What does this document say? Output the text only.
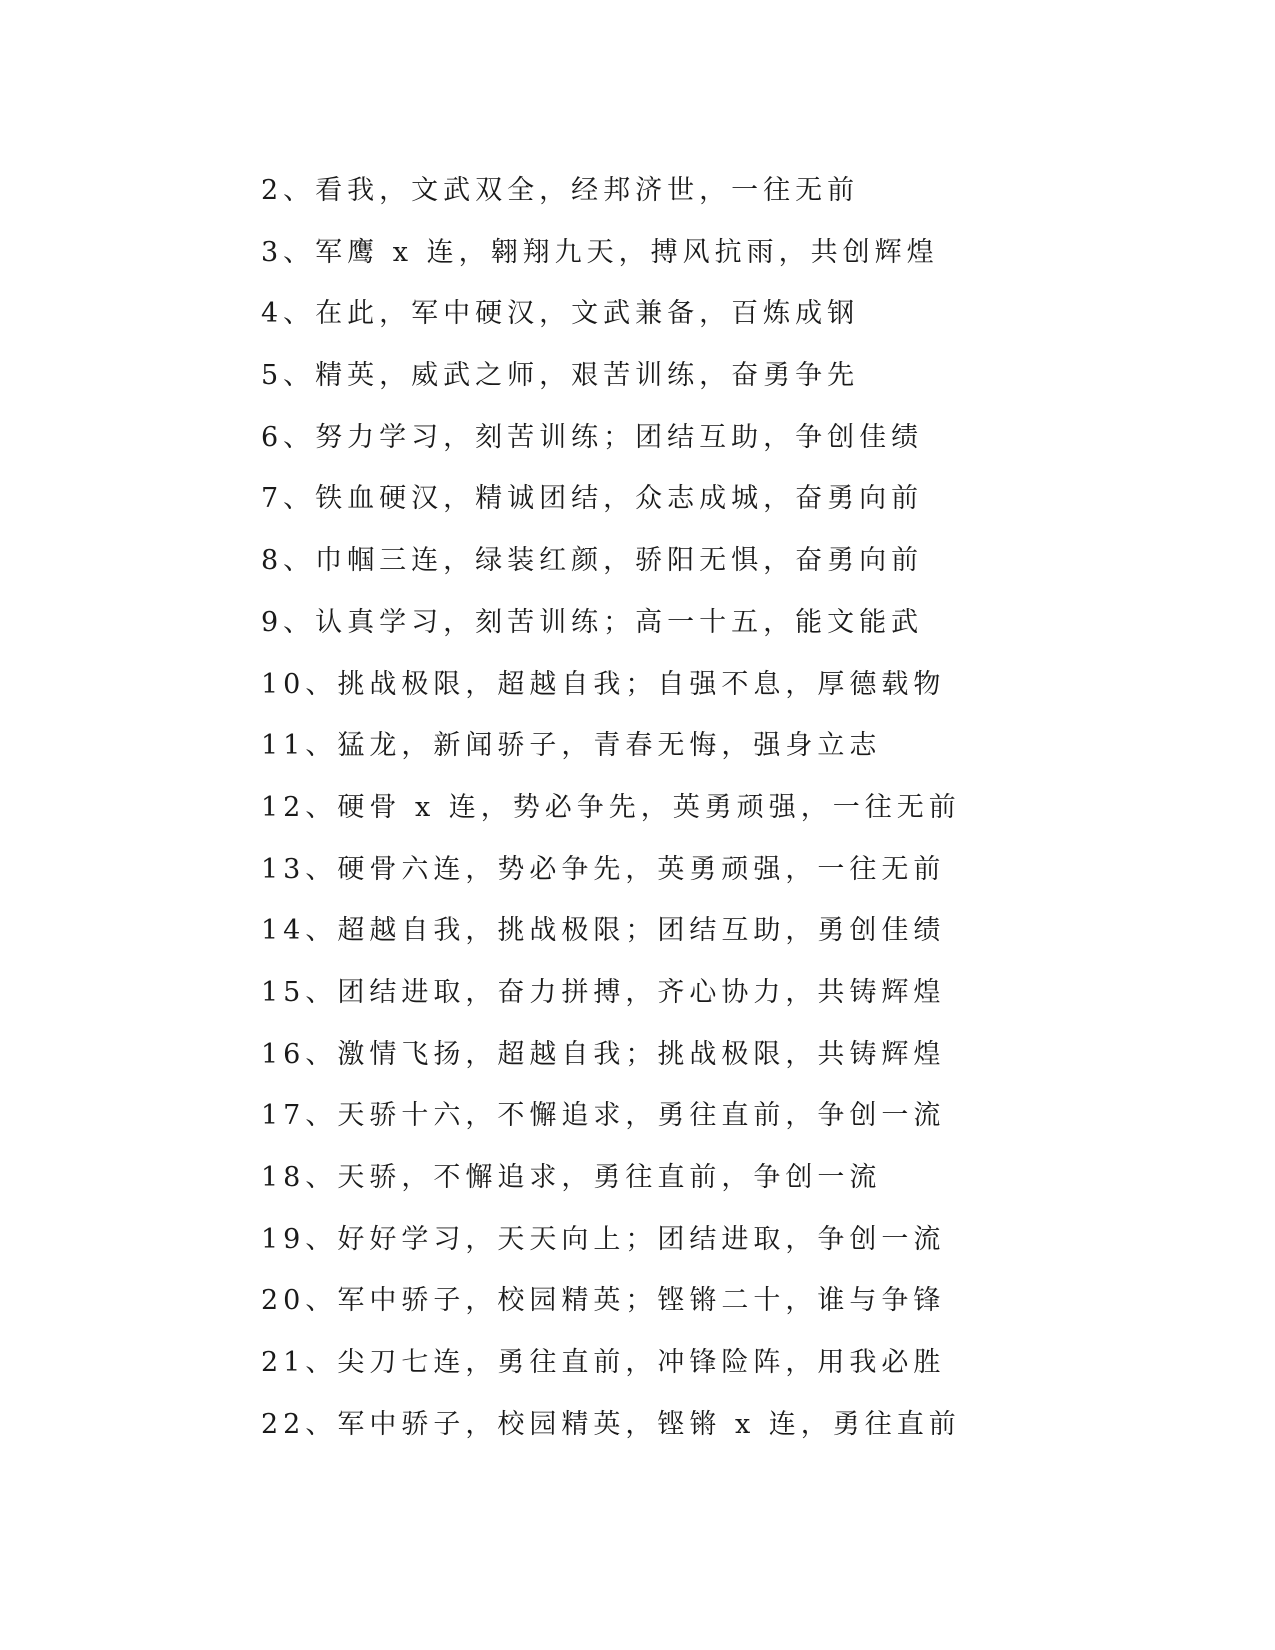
2、看我，文武双全，经邦济世，一往无前
3、军鹰 x 连，翱翔九天，搏风抗雨，共创辉煌
4、在此，军中硬汉，文武兼备，百炼成钢
5、精英，威武之师，艰苦训练，奋勇争先
6、努力学习，刻苦训练；团结互助，争创佳绩
7、铁血硬汉，精诚团结，众志成城，奋勇向前
8、巾帼三连，绿装红颜，骄阳无惧，奋勇向前
9、认真学习，刻苦训练；高一十五，能文能武
10、挑战极限，超越自我；自强不息，厚德载物
11、猛龙，新闻骄子，青春无悔，强身立志
12、硬骨 x 连，势必争先，英勇顽强，一往无前
13、硬骨六连，势必争先，英勇顽强，一往无前
14、超越自我，挑战极限；团结互助，勇创佳绩
15、团结进取，奋力拼搏，齐心协力，共铸辉煌
16、激情飞扬，超越自我；挑战极限，共铸辉煌
17、天骄十六，不懈追求，勇往直前，争创一流
18、天骄，不懈追求，勇往直前，争创一流
19、好好学习，天天向上；团结进取，争创一流
20、军中骄子，校园精英；铿锵二十，谁与争锋
21、尖刀七连，勇往直前，冲锋险阵，用我必胜
22、军中骄子，校园精英，铿锵 x 连，勇往直前
